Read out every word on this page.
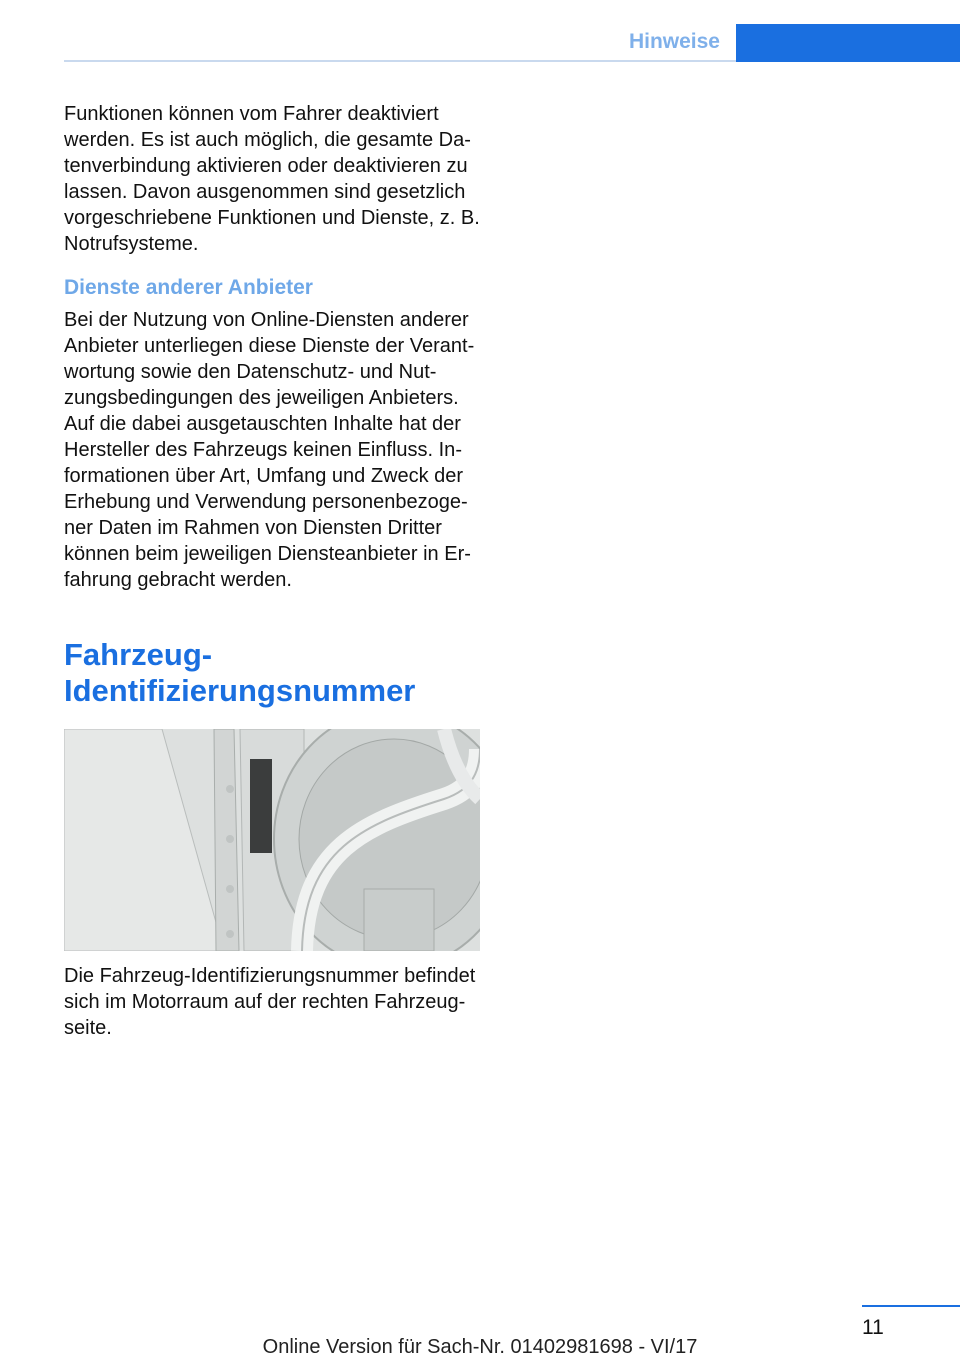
Hinweise

Funktionen können vom Fahrer deaktiviert werden. Es ist auch möglich, die gesamte Datenverbindung aktivieren oder deaktivieren zu lassen. Davon ausgenommen sind gesetzlich vorgeschriebene Funktionen und Dienste, z. B. Notrufsysteme.

Dienste anderer Anbieter

Bei der Nutzung von Online-Diensten anderer Anbieter unterliegen diese Dienste der Verantwortung sowie den Datenschutz- und Nutzungsbedingungen des jeweiligen Anbieters. Auf die dabei ausgetauschten Inhalte hat der Hersteller des Fahrzeugs keinen Einfluss. Informationen über Art, Umfang und Zweck der Erhebung und Verwendung personenbezogener Daten im Rahmen von Diensten Dritter können beim jeweiligen Diensteanbieter in Erfahrung gebracht werden.

Fahrzeug-
Identifizierungsnummer

Die Fahrzeug-Identifizierungsnummer befindet sich im Motorraum auf der rechten Fahrzeugseite.

11
Online Version für Sach-Nr. 01402981698 - VI/17
